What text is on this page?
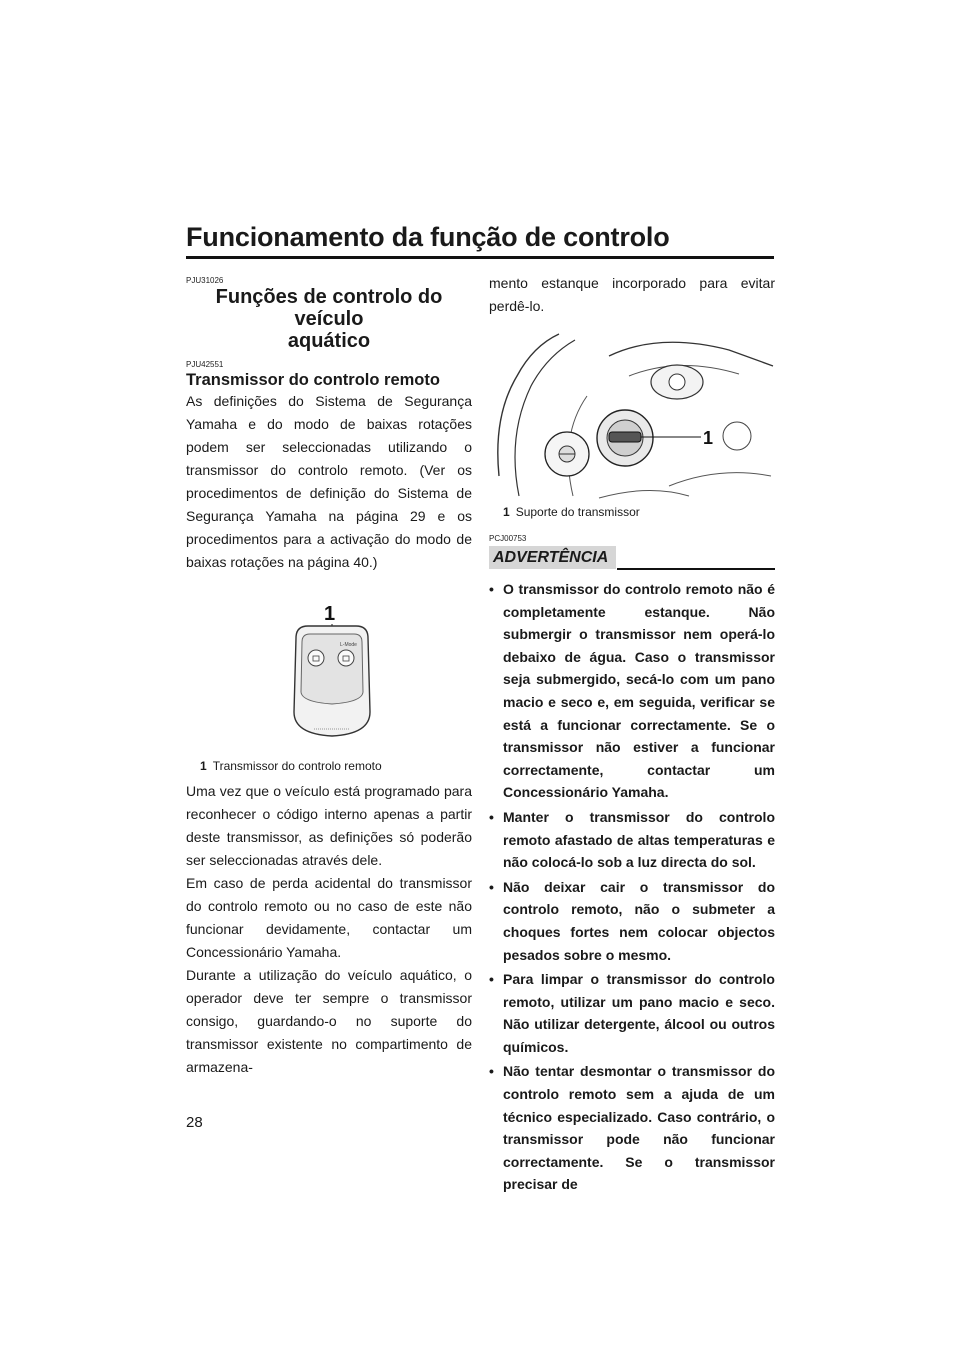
Funcionamento da função de controlo

PJU31026

Funções de controlo do veículo
aquático

PJU42551

Transmissor do controlo remoto

As definições do Sistema de Segurança Yamaha e do modo de baixas rotações podem ser seleccionadas utilizando o transmissor do controlo remoto. (Ver os procedimentos de definição do Sistema de Segurança Yamaha na página 29 e os procedimentos para a activação do modo de baixas rotações na página 40.)

1
L-Mode

1 Transmissor do controlo remoto

Uma vez que o veículo está programado para reconhecer o código interno apenas a partir deste transmissor, as definições só poderão ser seleccionadas através dele.

Em caso de perda acidental do transmissor do controlo remoto ou no caso de este não funcionar devidamente, contactar um Concessionário Yamaha.

Durante a utilização do veículo aquático, o operador deve ter sempre o transmissor consigo, guardando-o no suporte do transmissor existente no compartimento de armazena-

mento estanque incorporado para evitar perdê-lo.

1

1 Suporte do transmissor

PCJ00753

ADVERTÊNCIA
• O transmissor do controlo remoto não é completamente estanque. Não submergir o transmissor nem operá-lo debaixo de água. Caso o transmissor seja submergido, secá-lo com um pano macio e seco e, em seguida, verificar se está a funcionar correctamente. Se o transmissor não estiver a funcionar correctamente, contactar um Concessionário Yamaha.
• Manter o transmissor do controlo remoto afastado de altas temperaturas e não colocá-lo sob a luz directa do sol.
• Não deixar cair o transmissor do controlo remoto, não o submeter a choques fortes nem colocar objectos pesados sobre o mesmo.
• Para limpar o transmissor do controlo remoto, utilizar um pano macio e seco. Não utilizar detergente, álcool ou outros químicos.
• Não tentar desmontar o transmissor do controlo remoto sem a ajuda de um técnico especializado. Caso contrário, o transmissor pode não funcionar correctamente. Se o transmissor precisar de
28
